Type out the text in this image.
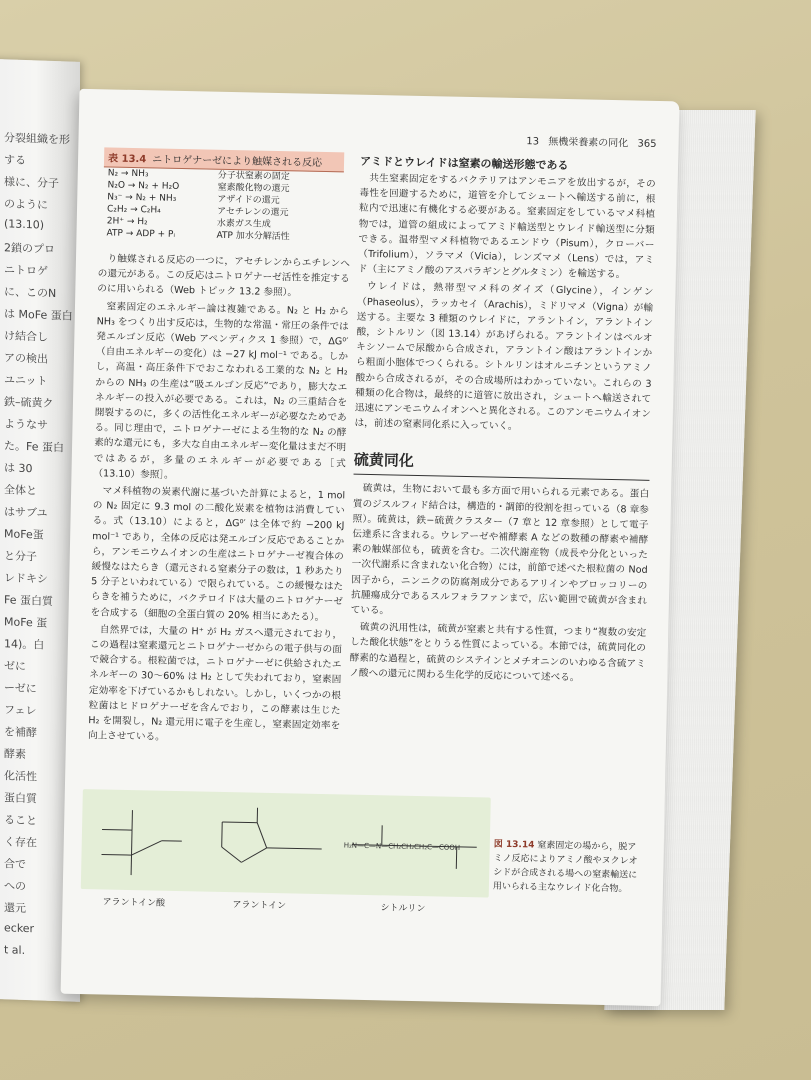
分裂組織を形
する
様に、分子
のように
(13.10)
2鎖のプロ
ニトロゲ
に、このN
は MoFe 蛋白
け結合し
アの検出
ユニット
鉄–硫黄ク
ようなサ
た。Fe 蛋白
は 30
全体と
はサブユ
MoFe蛋
と分子
レドキシ
Fe 蛋白質
MoFe 蛋
14)。白
ゼに
ーゼに
フェレ
を補酵
酵素
化活性
蛋白質
ること
く存在
合で
への
還元
ecker
t al.
13 無機栄養素の同化 365
表 13.4 ニトロゲナーゼにより触媒される反応
N₂ → NH₃	分子状窒素の固定
N₂O → N₂ + H₂O	窒素酸化物の還元
N₃⁻ → N₂ + NH₃	アザイドの還元
C₂H₂ → C₂H₄	アセチレンの還元
2H⁺ → H₂	水素ガス生成
ATP → ADP + Pᵢ	ATP 加水分解活性

り触媒される反応の一つに，アセチレンからエチレンへの還元がある。この反応はニトロゲナーゼ活性を推定するのに用いられる（Web トピック 13.2 参照）。

窒素固定のエネルギー論は複雑である。N₂ と H₂ から NH₃ をつくり出す反応は，生物的な常温・常圧の条件では発エルゴン反応（Web アペンディクス 1 参照）で，ΔG⁰′（自由エネルギーの変化）は −27 kJ mol⁻¹ である。しかし，高温・高圧条件下でおこなわれる工業的な N₂ と H₂ からの NH₃ の生産は“吸エルゴン反応”であり，膨大なエネルギーの投入が必要である。これは，N₂ の三重結合を開裂するのに，多くの活性化エネルギーが必要なためである。同じ理由で，ニトロゲナーゼによる生物的な N₂ の酵素的な還元にも，多大な自由エネルギー変化量はまだ不明ではあるが，多量のエネルギーが必要である［式（13.10）参照］。

マメ科植物の炭素代謝に基づいた計算によると，1 mol の N₂ 固定に 9.3 mol の二酸化炭素を植物は消費している。式（13.10）によると，ΔG⁰′ は全体で約 −200 kJ mol⁻¹ であり，全体の反応は発エルゴン反応であることから，アンモニウムイオンの生産はニトロゲナーゼ複合体の緩慢なはたらき（還元される窒素分子の数は，1 秒あたり 5 分子といわれている）で限られている。この緩慢なはたらきを補うために，バクテロイドは大量のニトロゲナーゼを合成する（細胞の全蛋白質の 20% 相当にあたる）。

自然界では，大量の H⁺ が H₂ ガスへ還元されており，この過程は窒素還元とニトロゲナーゼからの電子供与の面で競合する。根粒菌では，ニトロゲナーゼに供給されたエネルギーの 30〜60% は H₂ として失われており，窒素固定効率を下げているかもしれない。しかし，いくつかの根粒菌はヒドロゲナーゼを含んでおり，この酵素は生じた H₂ を開裂し，N₂ 還元用に電子を生産し，窒素固定効率を向上させている。

アミドとウレイドは窒素の輸送形態である

共生窒素固定をするバクテリアはアンモニアを放出するが，その毒性を回避するために，道管を介してシュートへ輸送する前に，根粒内で迅速に有機化する必要がある。窒素固定をしているマメ科植物では，道管の組成によってアミド輸送型とウレイド輸送型に分類できる。温帯型マメ科植物であるエンドウ（Pisum），クローバー（Trifolium），ソラマメ（Vicia），レンズマメ（Lens）では，アミド（主にアミノ酸のアスパラギンとグルタミン）を輸送する。

ウレイドは，熱帯型マメ科のダイズ（Glycine），インゲン（Phaseolus），ラッカセイ（Arachis），ミドリマメ（Vigna）が輸送する。主要な 3 種類のウレイドに，アラントイン，アラントイン酸，シトルリン（図 13.14）があげられる。アラントインはペルオキシソームで尿酸から合成され，アラントイン酸はアラントインから粗面小胞体でつくられる。シトルリンはオルニチンというアミノ酸から合成されるが，その合成場所はわかっていない。これらの 3 種類の化合物は，最終的に道管に放出され，シュートへ輸送されて迅速にアンモニウムイオンへと異化される。このアンモニウムイオンは，前述の窒素同化系に入っていく。

硫黄同化

硫黄は，生物において最も多方面で用いられる元素である。蛋白質のジスルフィド結合は，構造的・調節的役割を担っている（8 章参照）。硫黄は，鉄−硫黄クラスター（7 章と 12 章参照）として電子伝達系に含まれる。ウレアーゼや補酵素 A などの数種の酵素や補酵素の触媒部位も，硫黄を含む。二次代謝産物（成長や分化といった一次代謝系に含まれない化合物）には，前節で述べた根粒菌の Nod 因子から，ニンニクの防腐剤成分であるアリインやブロッコリーの抗腫瘍成分であるスルフォラファンまで，広い範囲で硫黄が含まれている。

硫黄の汎用性は，硫黄が窒素と共有する性質，つまり“複数の安定した酸化状態”をとりうる性質によっている。本節では，硫黄同化の酵素的な過程と，硫黄のシステインとメチオニンのいわゆる含硫アミノ酸への還元に関わる生化学的反応について述べる。

H₂N—C—N—CH₂CH₂CH₂C—COOH
アラントイン酸	アラントイン	シトルリン
図 13.14 窒素固定の場から，脱アミノ反応によりアミノ酸やヌクレオシドが合成される場への窒素輸送に用いられる主なウレイド化合物。
